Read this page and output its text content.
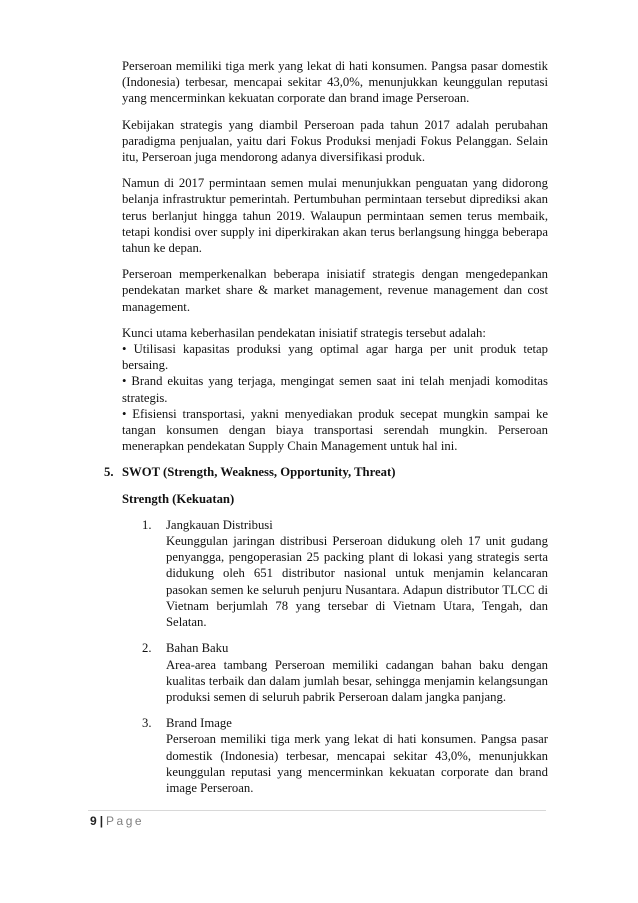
Perseroan memiliki tiga merk yang lekat di hati konsumen. Pangsa pasar domestik (Indonesia) terbesar, mencapai sekitar 43,0%, menunjukkan keunggulan reputasi yang mencerminkan kekuatan corporate dan brand image Perseroan.

Kebijakan strategis yang diambil Perseroan pada tahun 2017 adalah perubahan paradigma penjualan, yaitu dari Fokus Produksi menjadi Fokus Pelanggan. Selain itu, Perseroan juga mendorong adanya diversifikasi produk.

Namun di 2017 permintaan semen mulai menunjukkan penguatan yang didorong belanja infrastruktur pemerintah. Pertumbuhan permintaan tersebut diprediksi akan terus berlanjut hingga tahun 2019. Walaupun permintaan semen terus membaik, tetapi kondisi over supply ini diperkirakan akan terus berlangsung hingga beberapa tahun ke depan.

Perseroan memperkenalkan beberapa inisiatif strategis dengan mengedepankan pendekatan market share & market management, revenue management dan cost management.

Kunci utama keberhasilan pendekatan inisiatif strategis tersebut adalah:
• Utilisasi kapasitas produksi yang optimal agar harga per unit produk tetap bersaing.
• Brand ekuitas yang terjaga, mengingat semen saat ini telah menjadi komoditas strategis.
• Efisiensi transportasi, yakni menyediakan produk secepat mungkin sampai ke tangan konsumen dengan biaya transportasi serendah mungkin. Perseroan menerapkan pendekatan Supply Chain Management untuk hal ini.
5. SWOT (Strength, Weakness, Opportunity, Threat)
Strength (Kekuatan)
1. Jangkauan Distribusi
Keunggulan jaringan distribusi Perseroan didukung oleh 17 unit gudang penyangga, pengoperasian 25 packing plant di lokasi yang strategis serta didukung oleh 651 distributor nasional untuk menjamin kelancaran pasokan semen ke seluruh penjuru Nusantara. Adapun distributor TLCC di Vietnam berjumlah 78 yang tersebar di Vietnam Utara, Tengah, dan Selatan.
2. Bahan Baku
Area-area tambang Perseroan memiliki cadangan bahan baku dengan kualitas terbaik dan dalam jumlah besar, sehingga menjamin kelangsungan produksi semen di seluruh pabrik Perseroan dalam jangka panjang.
3. Brand Image
Perseroan memiliki tiga merk yang lekat di hati konsumen. Pangsa pasar domestik (Indonesia) terbesar, mencapai sekitar 43,0%, menunjukkan keunggulan reputasi yang mencerminkan kekuatan corporate dan brand image Perseroan.
9 | Page
